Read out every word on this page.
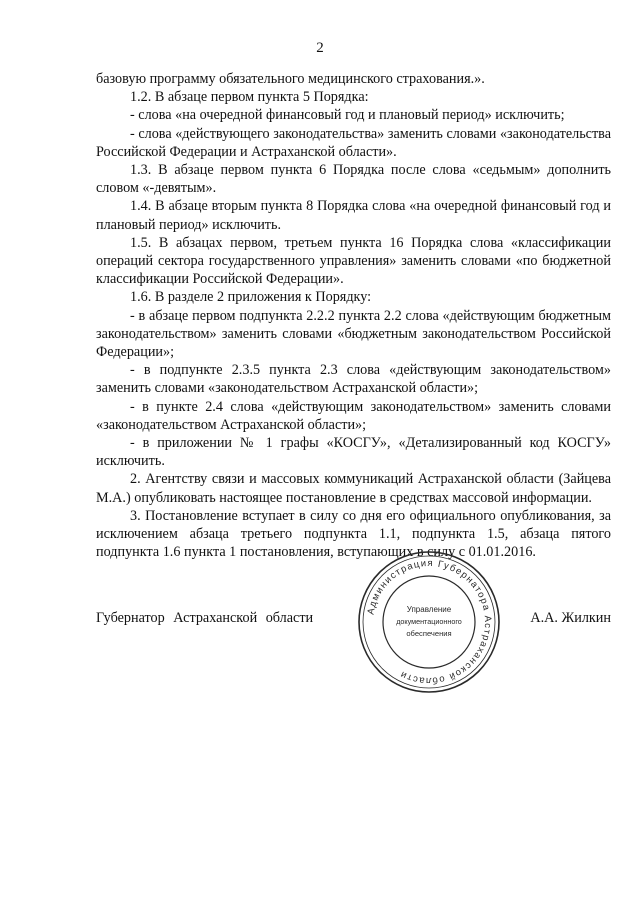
2

базовую программу обязательного медицинского страхования.».

1.2. В абзаце первом пункта 5 Порядка:

- слова «на очередной финансовый год и плановый период» исключить;

- слова «действующего законодательства» заменить словами «законодательства Российской Федерации и Астраханской области».

1.3. В абзаце первом пункта 6 Порядка после слова «седьмым» дополнить словом «-девятым».

1.4. В абзаце вторым пункта 8 Порядка слова «на очередной финансовый год и плановый период» исключить.

1.5. В абзацах первом, третьем пункта 16 Порядка слова «классификации операций сектора государственного управления» заменить словами «по бюджетной классификации Российской Федерации».

1.6. В разделе 2 приложения к Порядку:

- в абзаце первом подпункта 2.2.2 пункта 2.2 слова «действующим бюджетным законодательством» заменить словами «бюджетным законодательством Российской Федерации»;

- в подпункте 2.3.5 пункта 2.3 слова «действующим законодательством» заменить словами «законодательством Астраханской области»;

- в пункте 2.4 слова «действующим законодательством» заменить словами «законодательством Астраханской области»;

- в приложении № 1 графы «КОСГУ», «Детализированный код КОСГУ» исключить.

2. Агентству связи и массовых коммуникаций Астраханской области (Зайцева М.А.) опубликовать настоящее постановление в средствах массовой информации.

3. Постановление вступает в силу со дня его официального опубликования, за исключением абзаца третьего подпункта 1.1, подпункта 1.5, абзаца пятого подпункта 1.6 пункта 1 постановления, вступающих в силу с 01.01.2016.

Губернатор Астраханской области	А.А. Жилкин
Администрация Губернатора Астраханской области
Управление
документационного
обеспечения
